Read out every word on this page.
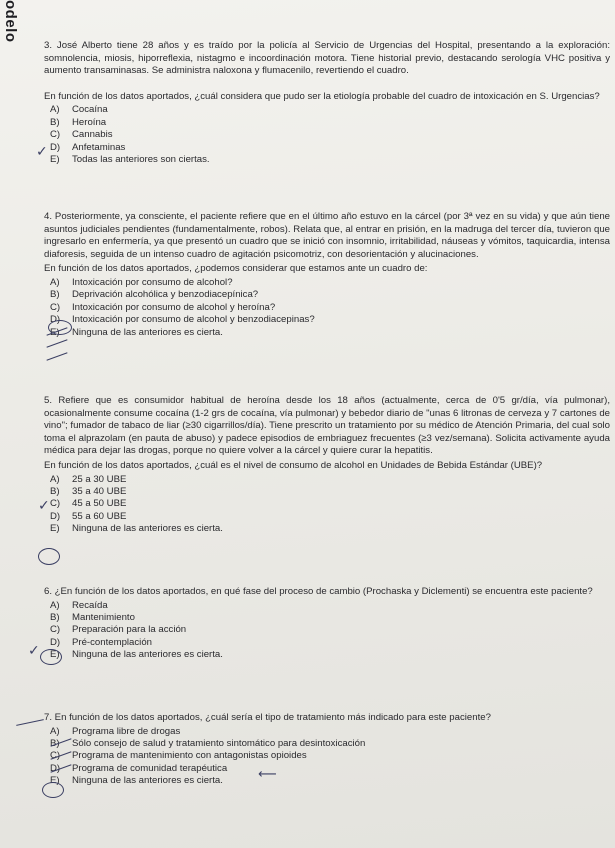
odelo

3. José Alberto tiene 28 años y es traído por la policía al Servicio de Urgencias del Hospital, presentando a la exploración: somnolencia, miosis, hiporreflexia, nistagmo e incoordinación motora. Tiene historial previo, destacando serología VHC positiva y aumento transaminasas. Se administra naloxona y flumacenilo, revertiendo el cuadro.

En función de los datos aportados, ¿cuál considera que pudo ser la etiología probable del cuadro de intoxicación en S. Urgencias?

A)	Cocaína
B)	Heroína
C)	Cannabis
D)	Anfetaminas
E)	Todas las anteriores son ciertas.

4. Posteriormente, ya consciente, el paciente refiere que en el último año estuvo en la cárcel (por 3ª vez en su vida) y que aún tiene asuntos judiciales pendientes (fundamentalmente, robos). Relata que, al entrar en prisión, en la madruga del tercer día, tuvieron que ingresarlo en enfermería, ya que presentó un cuadro que se inició con insomnio, irritabilidad, náuseas y vómitos, taquicardia, intensa diaforesis, seguida de un intenso cuadro de agitación psicomotriz, con desorientación y alucinaciones.

En función de los datos aportados, ¿podemos considerar que estamos ante un cuadro de:

A)	Intoxicación por consumo de alcohol?
B)	Deprivación alcohólica y benzodiacepínica?
C)	Intoxicación por consumo de alcohol y heroína?
D)	Intoxicación por consumo de alcohol y benzodiacepinas?
E)	Ninguna de las anteriores es cierta.

5. Refiere que es consumidor habitual de heroína desde los 18 años (actualmente, cerca de 0'5 gr/día, vía pulmonar), ocasionalmente consume cocaína (1-2 grs de cocaína, vía pulmonar) y bebedor diario de "unas 6 litronas de cerveza y 7 cartones de vino"; fumador de tabaco de liar (≥30 cigarrillos/día). Tiene prescrito un tratamiento por su médico de Atención Primaria, del cual solo toma el alprazolam (en pauta de abuso) y padece episodios de embriaguez frecuentes (≥3 vez/semana). Solicita activamente ayuda médica para dejar las drogas, porque no quiere volver a la cárcel y quiere curar la hepatitis.

En función de los datos aportados, ¿cuál es el nivel de consumo de alcohol en Unidades de Bebida Estándar (UBE)?

A)	25 a 30 UBE
B)	35 a 40 UBE
C)	45 a 50 UBE
D)	55 a 60 UBE
E)	Ninguna de las anteriores es cierta.

6. ¿En función de los datos aportados, en qué fase del proceso de cambio (Prochaska y Diclementi) se encuentra este paciente?

A)	Recaída
B)	Mantenimiento
C)	Preparación para la acción
D)	Pré-contemplación
E)	Ninguna de las anteriores es cierta.

7. En función de los datos aportados, ¿cuál sería el tipo de tratamiento más indicado para este paciente?

A)	Programa libre de drogas
B)	Sólo consejo de salud y tratamiento sintomático para desintoxicación
C)	Programa de mantenimiento con antagonistas opioides
D)	Programa de comunidad terapéutica
E)	Ninguna de las anteriores es cierta.
✓
✓
✓
⟵
